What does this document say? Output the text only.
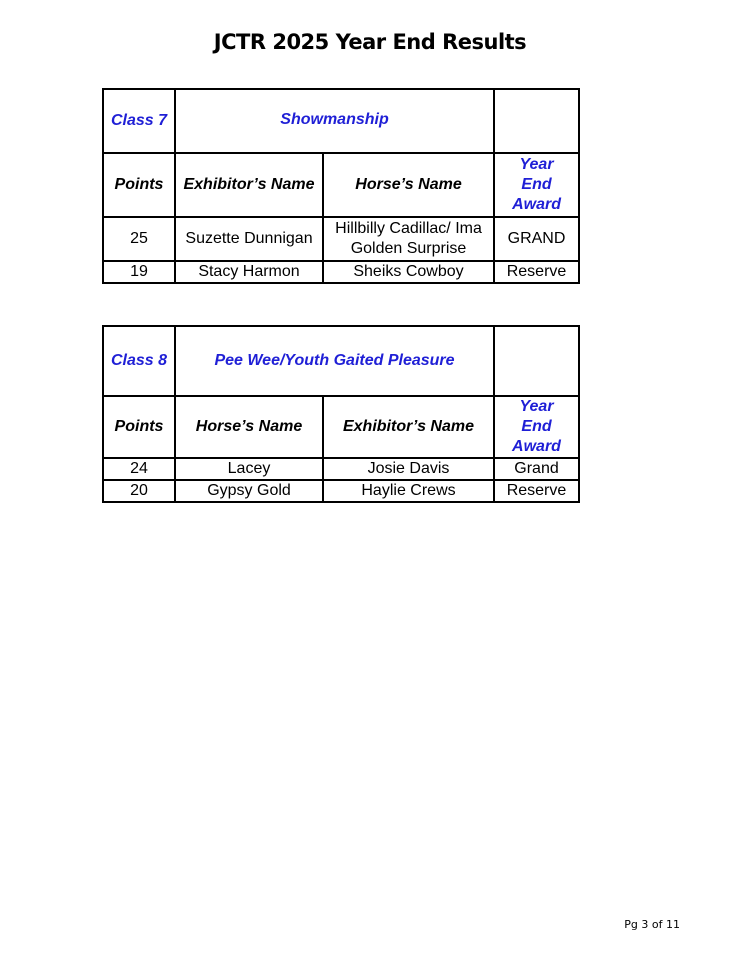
JCTR 2025 Year End Results
Class 7	Showmanship		
Points	Exhibitor’s Name	Horse’s Name	Year End Award
25	Suzette Dunnigan	Hillbilly Cadillac/ Ima Golden Surprise	GRAND
19	Stacy Harmon	Sheiks Cowboy	Reserve
Class 8	Pee Wee/Youth Gaited Pleasure		
Points	Horse’s Name	Exhibitor’s Name	Year End Award
24	Lacey	Josie Davis	Grand
20	Gypsy Gold	Haylie Crews	Reserve
Pg 3 of 11
